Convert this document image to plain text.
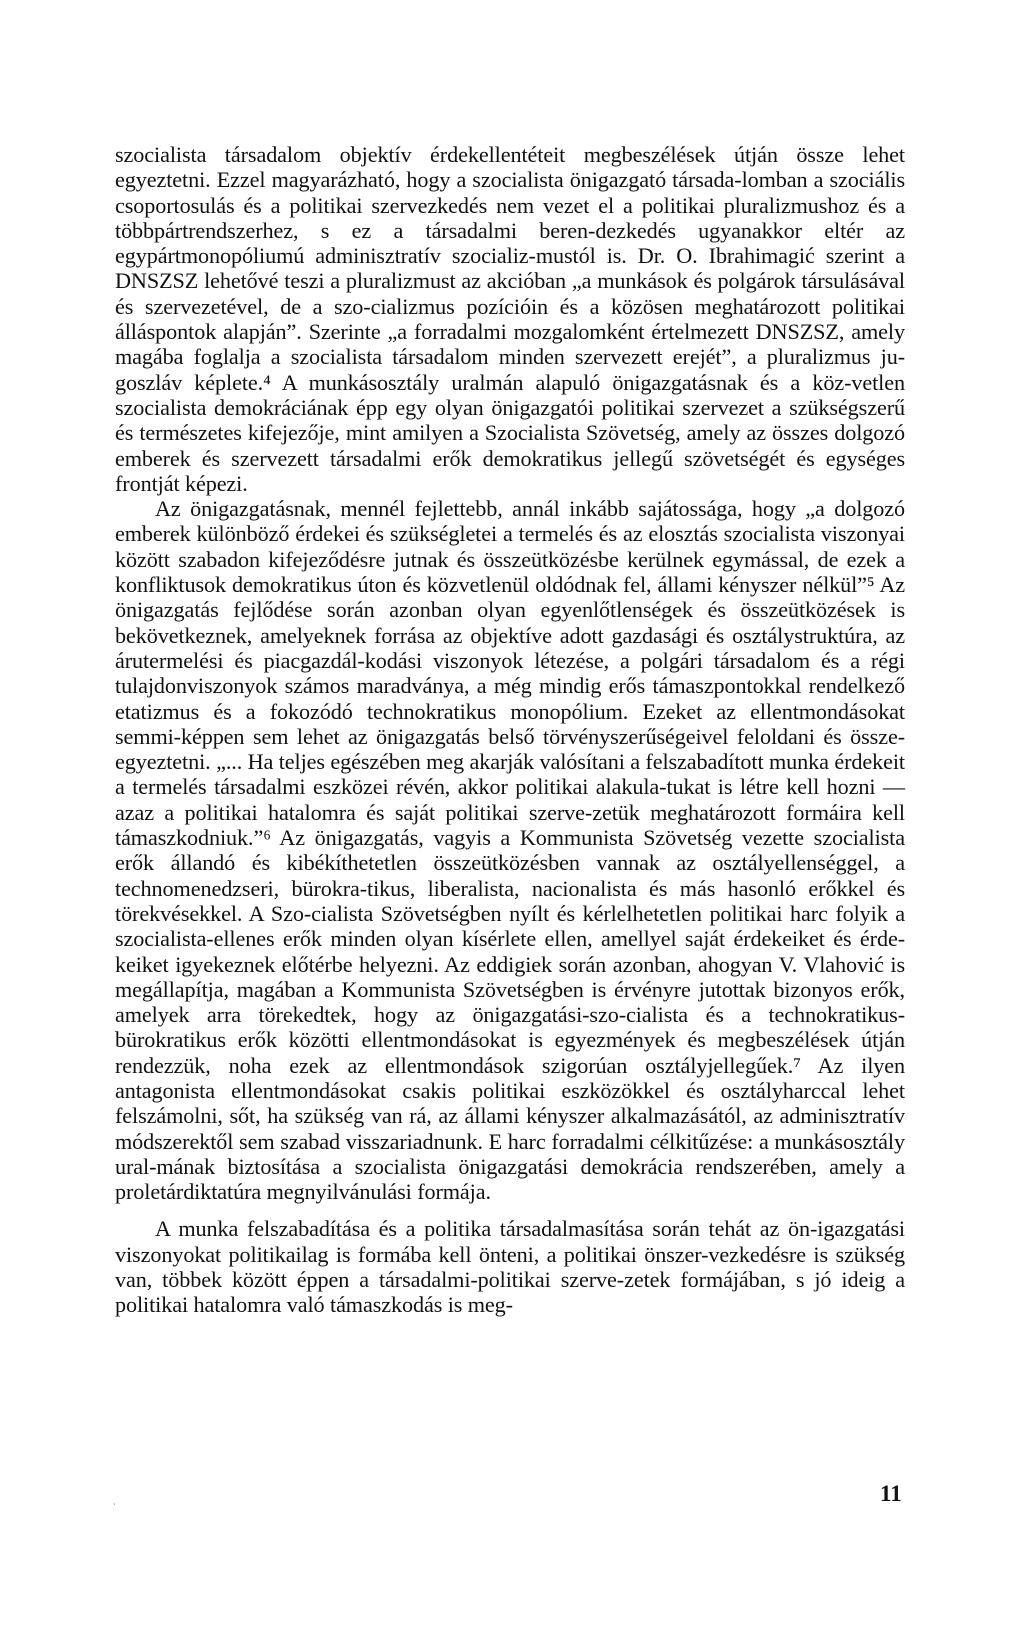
szocialista társadalom objektív érdekellentéteit megbeszélések útján össze lehet egyeztetni. Ezzel magyarázható, hogy a szocialista önigazgató társada-lomban a szociális csoportosulás és a politikai szervezkedés nem vezet el a politikai pluralizmushoz és a többpártrendszerhez, s ez a társadalmi beren-dezkedés ugyanakkor eltér az egypártmonopóliumú adminisztratív szocializ-mustól is. Dr. O. Ibrahimagić szerint a DNSZSZ lehetővé teszi a pluralizmust az akcióban „a munkások és polgárok társulásával és szervezetével, de a szo-cializmus pozícióin és a közösen meghatározott politikai álláspontok alapján”. Szerinte „a forradalmi mozgalomként értelmezett DNSZSZ, amely magába foglalja a szocialista társadalom minden szervezett erejét”, a pluralizmus ju-goszláv képlete.⁴ A munkásosztály uralmán alapuló önigazgatásnak és a köz-vetlen szocialista demokráciának épp egy olyan önigazgatói politikai szervezet a szükségszerű és természetes kifejezője, mint amilyen a Szocialista Szövetség, amely az összes dolgozó emberek és szervezett társadalmi erők demokratikus jellegű szövetségét és egységes frontját képezi.
Az önigazgatásnak, mennél fejlettebb, annál inkább sajátossága, hogy „a dolgozó emberek különböző érdekei és szükségletei a termelés és az elosztás szocialista viszonyai között szabadon kifejeződésre jutnak és összeütközésbe kerülnek egymással, de ezek a konfliktusok demokratikus úton és közvetlenül oldódnak fel, állami kényszer nélkül”⁵ Az önigazgatás fejlődése során azonban olyan egyenlőtlenségek és összeütközések is bekövetkeznek, amelyeknek forrása az objektíve adott gazdasági és osztálystruktúra, az árutermelési és piacgazdál-kodási viszonyok létezése, a polgári társadalom és a régi tulajdonviszonyok számos maradványa, a még mindig erős támaszpontokkal rendelkező etatizmus és a fokozódó technokratikus monopólium. Ezeket az ellentmondásokat semmi-képpen sem lehet az önigazgatás belső törvényszerűségeivel feloldani és össze-egyeztetni. „... Ha teljes egészében meg akarják valósítani a felszabadított munka érdekeit a termelés társadalmi eszközei révén, akkor politikai alakula-tukat is létre kell hozni — azaz a politikai hatalomra és saját politikai szerve-zetük meghatározott formáira kell támaszkodniuk.”⁶ Az önigazgatás, vagyis a Kommunista Szövetség vezette szocialista erők állandó és kibékíthetetlen összeütközésben vannak az osztályellenséggel, a technomenedzseri, bürokra-tikus, liberalista, nacionalista és más hasonló erőkkel és törekvésekkel. A Szo-cialista Szövetségben nyílt és kérlelhetetlen politikai harc folyik a szocialista-ellenes erők minden olyan kísérlete ellen, amellyel saját érdekeiket és érde-keiket igyekeznek előtérbe helyezni. Az eddigiek során azonban, ahogyan V. Vlahović is megállapítja, magában a Kommunista Szövetségben is érvényre jutottak bizonyos erők, amelyek arra törekedtek, hogy az önigazgatási-szo-cialista és a technokratikus-bürokratikus erők közötti ellentmondásokat is egyezmények és megbeszélések útján rendezzük, noha ezek az ellentmondások szigorúan osztályjellegűek.⁷ Az ilyen antagonista ellentmondásokat csakis politikai eszközökkel és osztályharccal lehet felszámolni, sőt, ha szükség van rá, az állami kényszer alkalmazásától, az adminisztratív módszerektől sem szabad visszariadnunk. E harc forradalmi célkitűzése: a munkásosztály ural-mának biztosítása a szocialista önigazgatási demokrácia rendszerében, amely a proletárdiktatúra megnyilvánulási formája.
A munka felszabadítása és a politika társadalmasítása során tehát az ön-igazgatási viszonyokat politikailag is formába kell önteni, a politikai önszer-vezkedésre is szükség van, többek között éppen a társadalmi-politikai szerve-zetek formájában, s jó ideig a politikai hatalomra való támaszkodás is meg-
·	11
